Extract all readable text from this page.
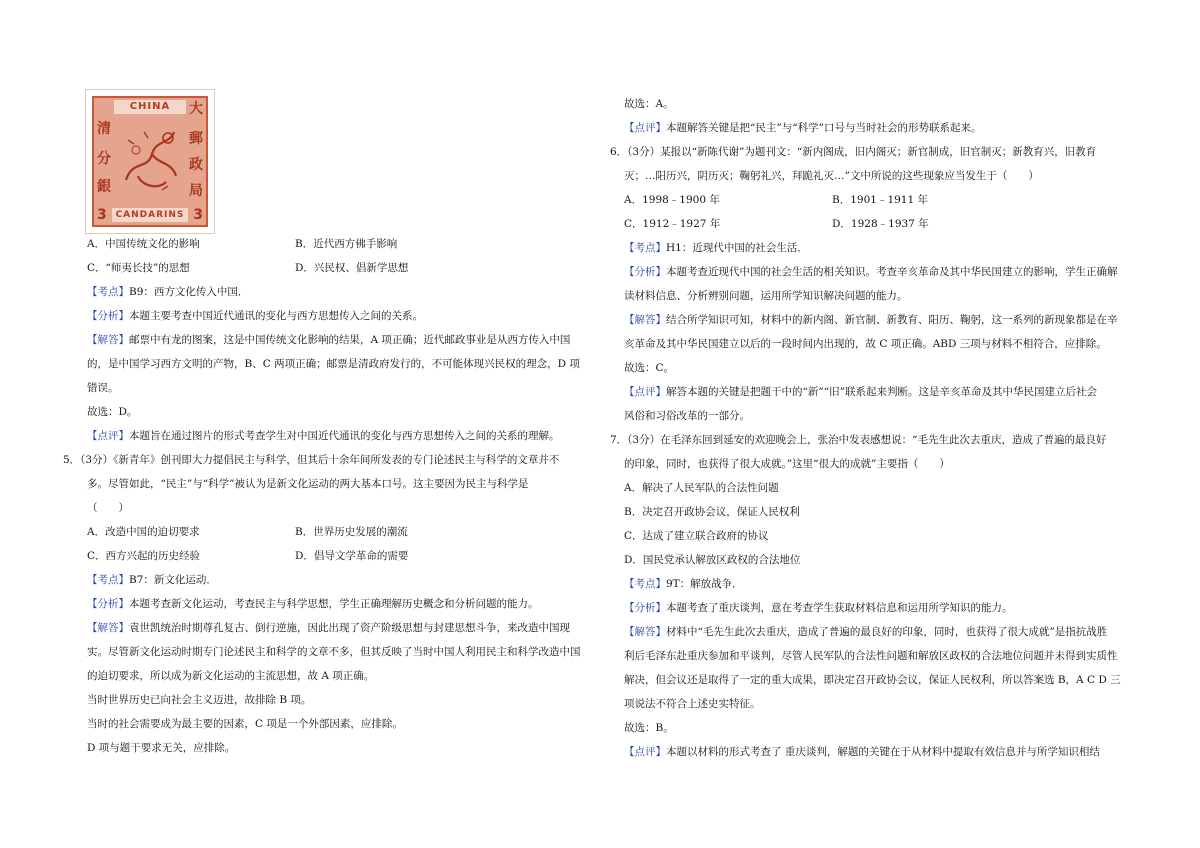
CHINA
清
分
銀
大
郵
政
局
3	3
CANDARINS
A．中国传统文化的影响	B．近代西方佛手影响
C．“师夷长技”的思想	D．兴民权、倡新学思想
【考点】B9：西方文化传入中国．
【分析】本题主要考查中国近代通讯的变化与西方思想传入之间的关系。
【解答】邮票中有龙的图案，这是中国传统文化影响的结果，A 项正确；近代邮政事业是从西方传入中国
的，是中国学习西方文明的产物，B、C 两项正确；邮票是清政府发行的，不可能体现兴民权的理念，D 项
错误。
故选：D。
【点评】本题旨在通过图片的形式考查学生对中国近代通讯的变化与西方思想传入之间的关系的理解。
5．（3分）《新青年》创刊即大力提倡民主与科学，但其后十余年间所发表的专门论述民主与科学的文章并不
多。尽管如此，“民主”与“科学”被认为是新文化运动的两大基本口号。这主要因为民主与科学是
（　　）
A．改造中国的迫切要求	B．世界历史发展的潮流
C．西方兴起的历史经验	D．倡导文学革命的需要
【考点】B7：新文化运动．
【分析】本题考查新文化运动，考查民主与科学思想，学生正确理解历史概念和分析问题的能力。
【解答】袁世凯统治时期尊孔复古、倒行逆施，因此出现了资产阶级思想与封建思想斗争，来改造中国现
实。尽管新文化运动时期专门论述民主和科学的文章不多，但其反映了当时中国人利用民主和科学改造中国
的迫切要求，所以成为新文化运动的主流思想，故 A 项正确。
当时世界历史已向社会主义迈进，故排除 B 项。
当时的社会需要成为最主要的因素，C 项是一个外部因素，应排除。
D 项与题干要求无关，应排除。
故选：A。
【点评】本题解答关键是把“民主”与“科学”口号与当时社会的形势联系起来。
6．（3分）某报以“新陈代谢”为题刊文：“新内阁成，旧内阁灭；新官制成，旧官制灭；新教育兴，旧教育
灭；…阳历兴，阴历灭；鞠躬礼兴，拜跪礼灭…”文中所说的这些现象应当发生于（　　）
A．1998﹣1900 年	B．1901﹣1911 年
C．1912﹣1927 年	D．1928﹣1937 年
【考点】H1：近现代中国的社会生活．
【分析】本题考查近现代中国的社会生活的相关知识。考查辛亥革命及其中华民国建立的影响，学生正确解
读材料信息、分析辨别问题，运用所学知识解决问题的能力。
【解答】结合所学知识可知，材料中的新内阁、新官制、新教育、阳历、鞠躬，这一系列的新现象都是在辛
亥革命及其中华民国建立以后的一段时间内出现的，故 C 项正确。ABD 三项与材料不相符合，应排除。
故选：C。
【点评】解答本题的关键是把题干中的“新”“旧”联系起来判断。这是辛亥革命及其中华民国建立后社会
风俗和习俗改革的一部分。
7．（3分）在毛泽东回到延安的欢迎晚会上，张治中发表感想说：“毛先生此次去重庆，造成了普遍的最良好
的印象，同时，也获得了很大成就。”这里“很大的成就”主要指（　　）
A．解决了人民军队的合法性问题
B．决定召开政协会议，保证人民权利
C．达成了建立联合政府的协议
D．国民党承认解放区政权的合法地位
【考点】9T：解放战争．
【分析】本题考查了重庆谈判，意在考查学生获取材料信息和运用所学知识的能力。
【解答】材料中“毛先生此次去重庆，造成了普遍的最良好的印象，同时，也获得了很大成就”是指抗战胜
利后毛泽东赴重庆参加和平谈判，尽管人民军队的合法性问题和解放区政权的合法地位问题并未得到实质性
解决，但会议还是取得了一定的重大成果，即决定召开政协会议，保证人民权利，所以答案选 B，A C D 三
项说法不符合上述史实特征。
故选：B。
【点评】本题以材料的形式考查了 重庆谈判，解题的关键在于从材料中提取有效信息并与所学知识相结
